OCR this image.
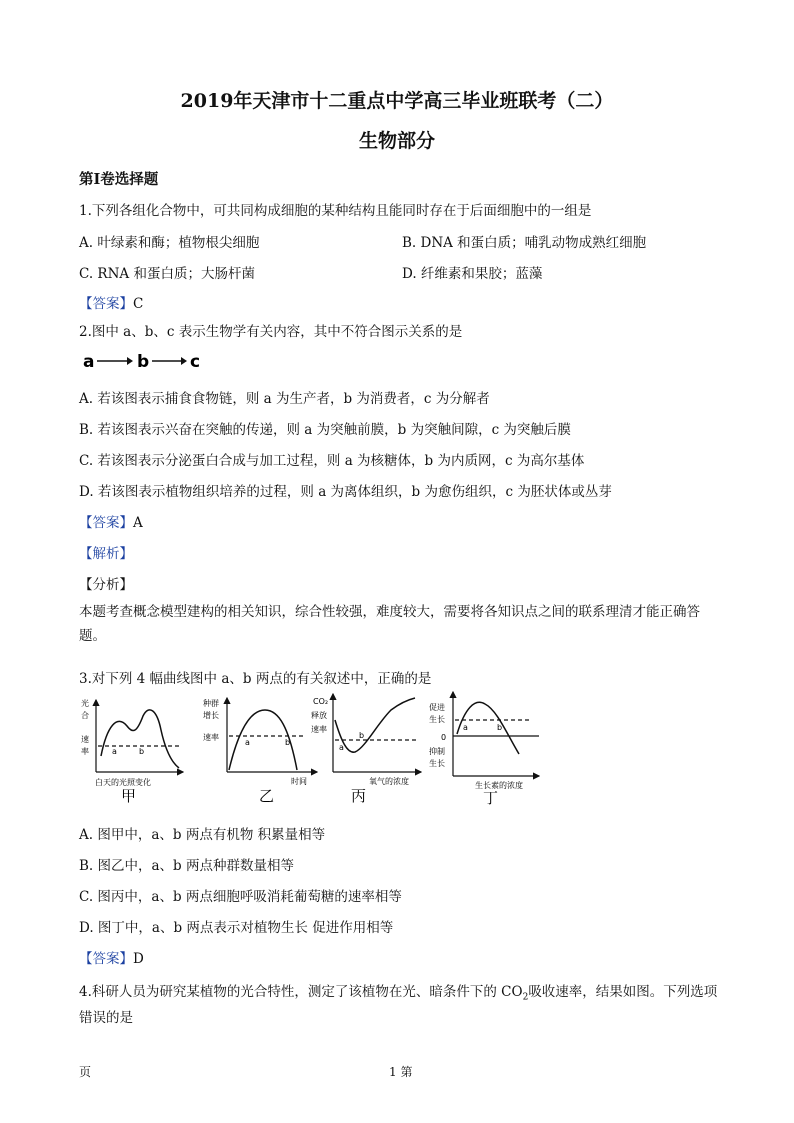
2019年天津市十二重点中学高三毕业班联考（二）
生物部分
第Ⅰ卷选择题
1.下列各组化合物中，可共同构成细胞的某种结构且能同时存在于后面细胞中的一组是
A. 叶绿素和酶；植物根尖细胞	B. DNA 和蛋白质；哺乳动物成熟红细胞
C. RNA 和蛋白质；大肠杆菌	D. 纤维素和果胶；蓝藻
【答案】C
2.图中 a、b、c 表示生物学有关内容，其中不符合图示关系的是
a	b c
A. 若该图表示捕食食物链，则 a 为生产者，b 为消费者，c 为分解者
B. 若该图表示兴奋在突触的传递，则 a 为突触前膜，b 为突触间隙，c 为突触后膜
C. 若该图表示分泌蛋白合成与加工过程，则 a 为核糖体，b 为内质网，c 为高尔基体
D. 若该图表示植物组织培养的过程，则 a 为离体组织，b 为愈伤组织，c 为胚状体或丛芽
【答案】A
【解析】
【分析】
本题考查概念模型建构的相关知识，综合性较强，难度较大，需要将各知识点之间的联系理清才能正确答题。
3.对下列 4 幅曲线图中 a、b 两点的有关叙述中，正确的是
光
合
速
率	a	b
白天的光照变化
甲
种群
增长
速率
a	b
时间
乙
CO₂
释放
速率
a
b
氧气的浓度
丙
促进
生长
0
抑制
生长
a	b
生长素的浓度
丁
A. 图甲中，a、b 两点有机物 积累量相等
B. 图乙中，a、b 两点种群数量相等
C. 图丙中，a、b 两点细胞呼吸消耗葡萄糖的速率相等
D. 图丁中，a、b 两点表示对植物生长 促进作用相等
【答案】D
4.科研人员为研究某植物的光合特性，测定了该植物在光、暗条件下的 $CO_2$吸收速率，结果如图。下列选项
错误的是
页	1 第
